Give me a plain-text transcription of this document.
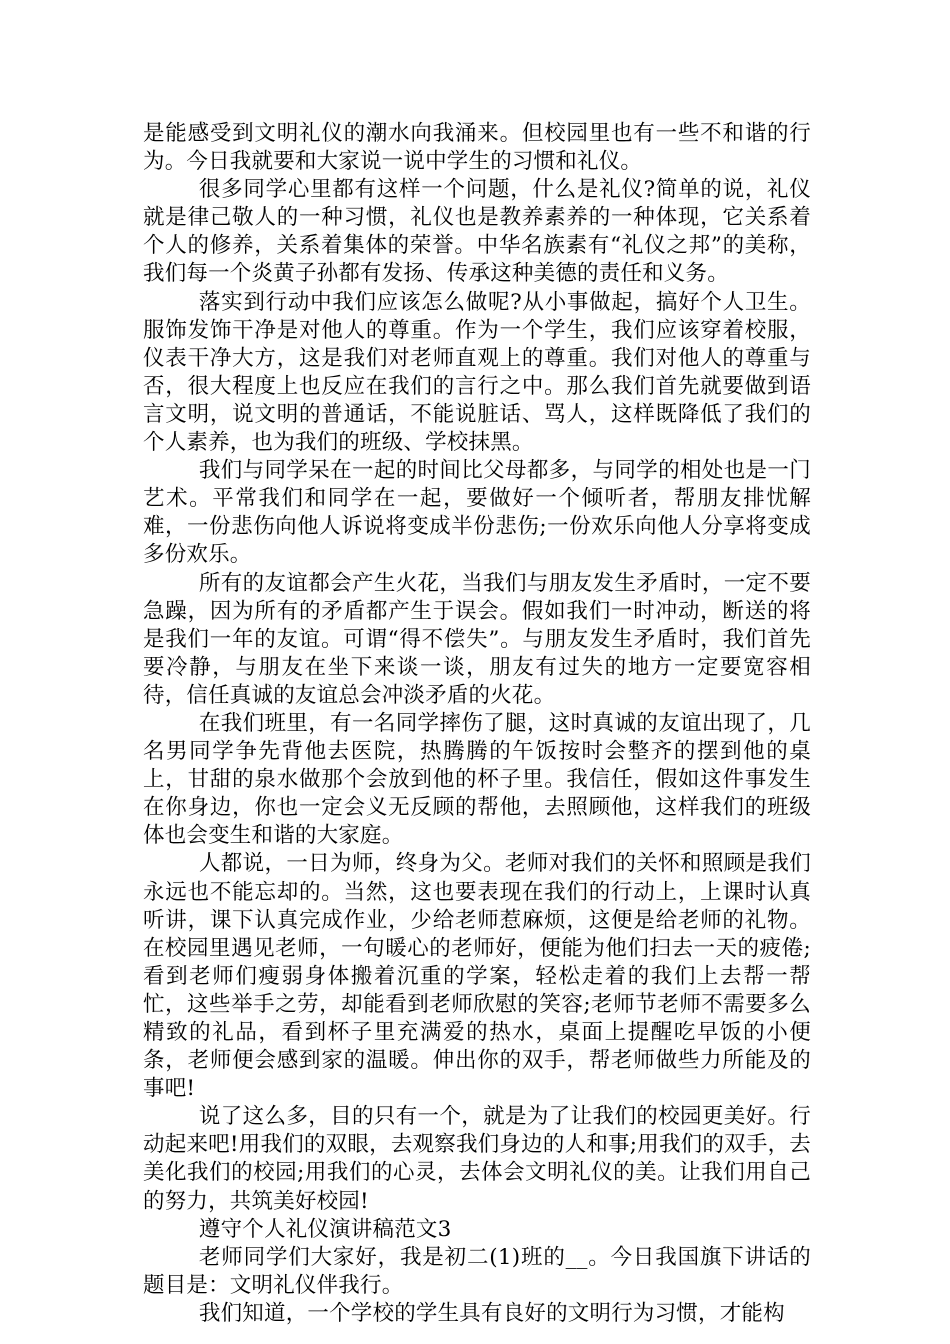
是能感受到文明礼仪的潮水向我涌来。但校园里也有一些不和谐的行为。今日我就要和大家说一说中学生的习惯和礼仪。

很多同学心里都有这样一个问题，什么是礼仪?简单的说，礼仪就是律己敬人的一种习惯，礼仪也是教养素养的一种体现，它关系着个人的修养，关系着集体的荣誉。中华名族素有“礼仪之邦”的美称，我们每一个炎黄子孙都有发扬、传承这种美德的责任和义务。

落实到行动中我们应该怎么做呢?从小事做起，搞好个人卫生。服饰发饰干净是对他人的尊重。作为一个学生，我们应该穿着校服，仪表干净大方，这是我们对老师直观上的尊重。我们对他人的尊重与否，很大程度上也反应在我们的言行之中。那么我们首先就要做到语言文明，说文明的普通话，不能说脏话、骂人，这样既降低了我们的个人素养，也为我们的班级、学校抹黑。

我们与同学呆在一起的时间比父母都多，与同学的相处也是一门艺术。平常我们和同学在一起，要做好一个倾听者，帮朋友排忧解难，一份悲伤向他人诉说将变成半份悲伤;一份欢乐向他人分享将变成多份欢乐。

所有的友谊都会产生火花，当我们与朋友发生矛盾时，一定不要急躁，因为所有的矛盾都产生于误会。假如我们一时冲动，断送的将是我们一年的友谊。可谓“得不偿失”。与朋友发生矛盾时，我们首先要冷静，与朋友在坐下来谈一谈，朋友有过失的地方一定要宽容相待，信任真诚的友谊总会冲淡矛盾的火花。

在我们班里，有一名同学摔伤了腿，这时真诚的友谊出现了，几名男同学争先背他去医院，热腾腾的午饭按时会整齐的摆到他的桌上，甘甜的泉水做那个会放到他的杯子里。我信任，假如这件事发生在你身边，你也一定会义无反顾的帮他，去照顾他，这样我们的班级体也会变生和谐的大家庭。

人都说，一日为师，终身为父。老师对我们的关怀和照顾是我们永远也不能忘却的。当然，这也要表现在我们的行动上，上课时认真听讲，课下认真完成作业，少给老师惹麻烦，这便是给老师的礼物。在校园里遇见老师，一句暖心的老师好，便能为他们扫去一天的疲倦;看到老师们瘦弱身体搬着沉重的学案，轻松走着的我们上去帮一帮忙，这些举手之劳，却能看到老师欣慰的笑容;老师节老师不需要多么精致的礼品，看到杯子里充满爱的热水，桌面上提醒吃早饭的小便条，老师便会感到家的温暖。伸出你的双手，帮老师做些力所能及的事吧!

说了这么多，目的只有一个，就是为了让我们的校园更美好。行动起来吧!用我们的双眼，去观察我们身边的人和事;用我们的双手，去美化我们的校园;用我们的心灵，去体会文明礼仪的美。让我们用自己的努力，共筑美好校园!

遵守个人礼仪演讲稿范文3

老师同学们大家好，我是初二(1)班的__。今日我国旗下讲话的题目是：文明礼仪伴我行。

我们知道，一个学校的学生具有良好的文明行为习惯，才能构
